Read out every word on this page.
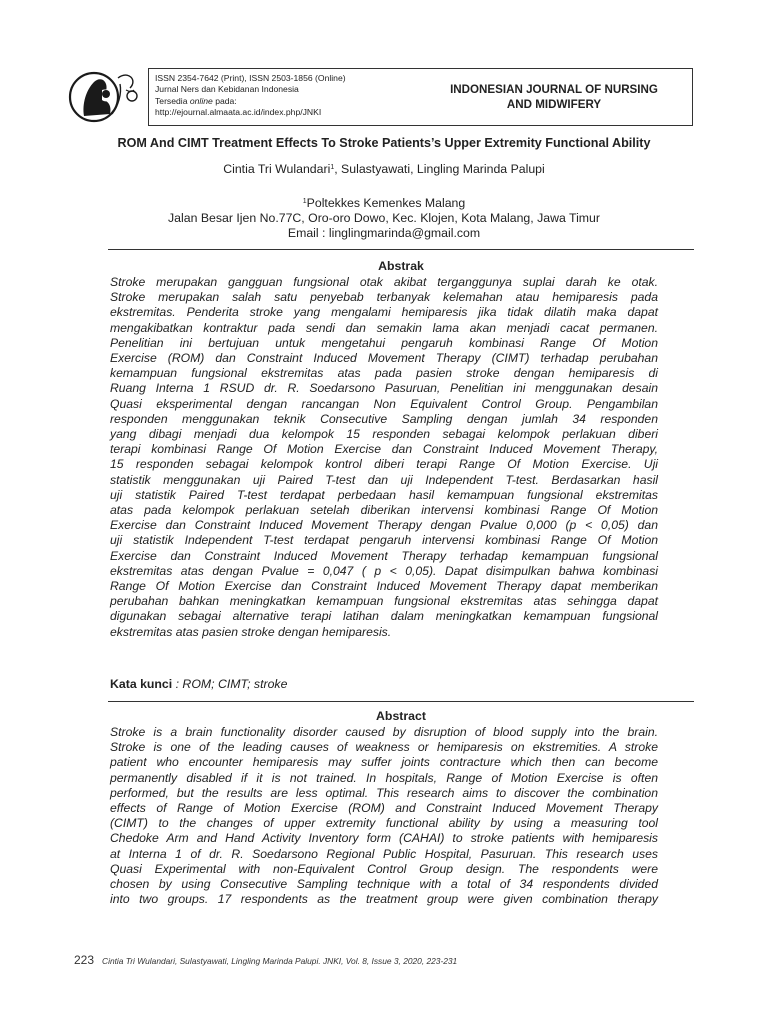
ISSN 2354-7642 (Print), ISSN 2503-1856 (Online)
Jurnal Ners dan Kebidanan Indonesia
Tersedia online pada:
http://ejournal.almaata.ac.id/index.php/JNKI
INDONESIAN JOURNAL OF NURSING
AND MIDWIFERY
ROM And CIMT Treatment Effects To Stroke Patients’s Upper Extremity Functional Ability
Cintia Tri Wulandari$^1$, Sulastyawati, Lingling Marinda Palupi
$^1$Poltekkes Kemenkes Malang
Jalan Besar Ijen No.77C, Oro-oro Dowo, Kec. Klojen, Kota Malang, Jawa Timur
Email : linglingmarinda@gmail.com
Abstrak
Stroke merupakan gangguan fungsional otak akibat terganggunya suplai darah ke otak.
Stroke merupakan salah satu penyebab terbanyak kelemahan atau hemiparesis pada
ekstremitas. Penderita stroke yang mengalami hemiparesis jika tidak dilatih maka dapat
mengakibatkan kontraktur pada sendi dan semakin lama akan menjadi cacat permanen.
Penelitian ini bertujuan untuk mengetahui pengaruh kombinasi Range Of Motion
Exercise (ROM) dan Constraint Induced Movement Therapy (CIMT) terhadap perubahan
kemampuan fungsional ekstremitas atas pada pasien stroke dengan hemiparesis di
Ruang Interna 1 RSUD dr. R. Soedarsono Pasuruan, Penelitian ini menggunakan desain
Quasi eksperimental dengan rancangan Non Equivalent Control Group. Pengambilan
responden menggunakan teknik Consecutive Sampling dengan jumlah 34 responden
yang dibagi menjadi dua kelompok 15 responden sebagai kelompok perlakuan diberi
terapi kombinasi Range Of Motion Exercise dan Constraint Induced Movement Therapy,
15 responden sebagai kelompok kontrol diberi terapi Range Of Motion Exercise. Uji
statistik menggunakan uji Paired T-test dan uji Independent T-test. Berdasarkan hasil
uji statistik Paired T-test terdapat perbedaan hasil kemampuan fungsional ekstremitas
atas pada kelompok perlakuan setelah diberikan intervensi kombinasi Range Of Motion
Exercise dan Constraint Induced Movement Therapy dengan Pvalue 0,000 (p < 0,05) dan
uji statistik Independent T-test terdapat pengaruh intervensi kombinasi Range Of Motion
Exercise dan Constraint Induced Movement Therapy terhadap kemampuan fungsional
ekstremitas atas dengan Pvalue = 0,047 ( p < 0,05). Dapat disimpulkan bahwa kombinasi
Range Of Motion Exercise dan Constraint Induced Movement Therapy dapat memberikan
perubahan bahkan meningkatkan kemampuan fungsional ekstremitas atas sehingga dapat
digunakan sebagai alternative terapi latihan dalam meningkatkan kemampuan fungsional
ekstremitas atas pasien stroke dengan hemiparesis.
Kata kunci : ROM; CIMT; stroke
Abstract
Stroke is a brain functionality disorder caused by disruption of blood supply into the brain.
Stroke is one of the leading causes of weakness or hemiparesis on ekstremities. A stroke
patient who encounter hemiparesis may suffer joints contracture which then can become
permanently disabled if it is not trained. In hospitals, Range of Motion Exercise is often
performed, but the results are less optimal. This research aims to discover the combination
effects of Range of Motion Exercise (ROM) and Constraint Induced Movement Therapy
(CIMT) to the changes of upper extremity functional ability by using a measuring tool
Chedoke Arm and Hand Activity Inventory form (CAHAI) to stroke patients with hemiparesis
at Interna 1 of dr. R. Soedarsono Regional Public Hospital, Pasuruan. This research uses
Quasi Experimental with non-Equivalent Control Group design. The respondents were
chosen by using Consecutive Sampling technique with a total of 34 respondents divided
into two groups. 17 respondents as the treatment group were given combination therapy
223 Cintia Tri Wulandari, Sulastyawati, Lingling Marinda Palupi. JNKI, Vol. 8, Issue 3, 2020, 223-231
